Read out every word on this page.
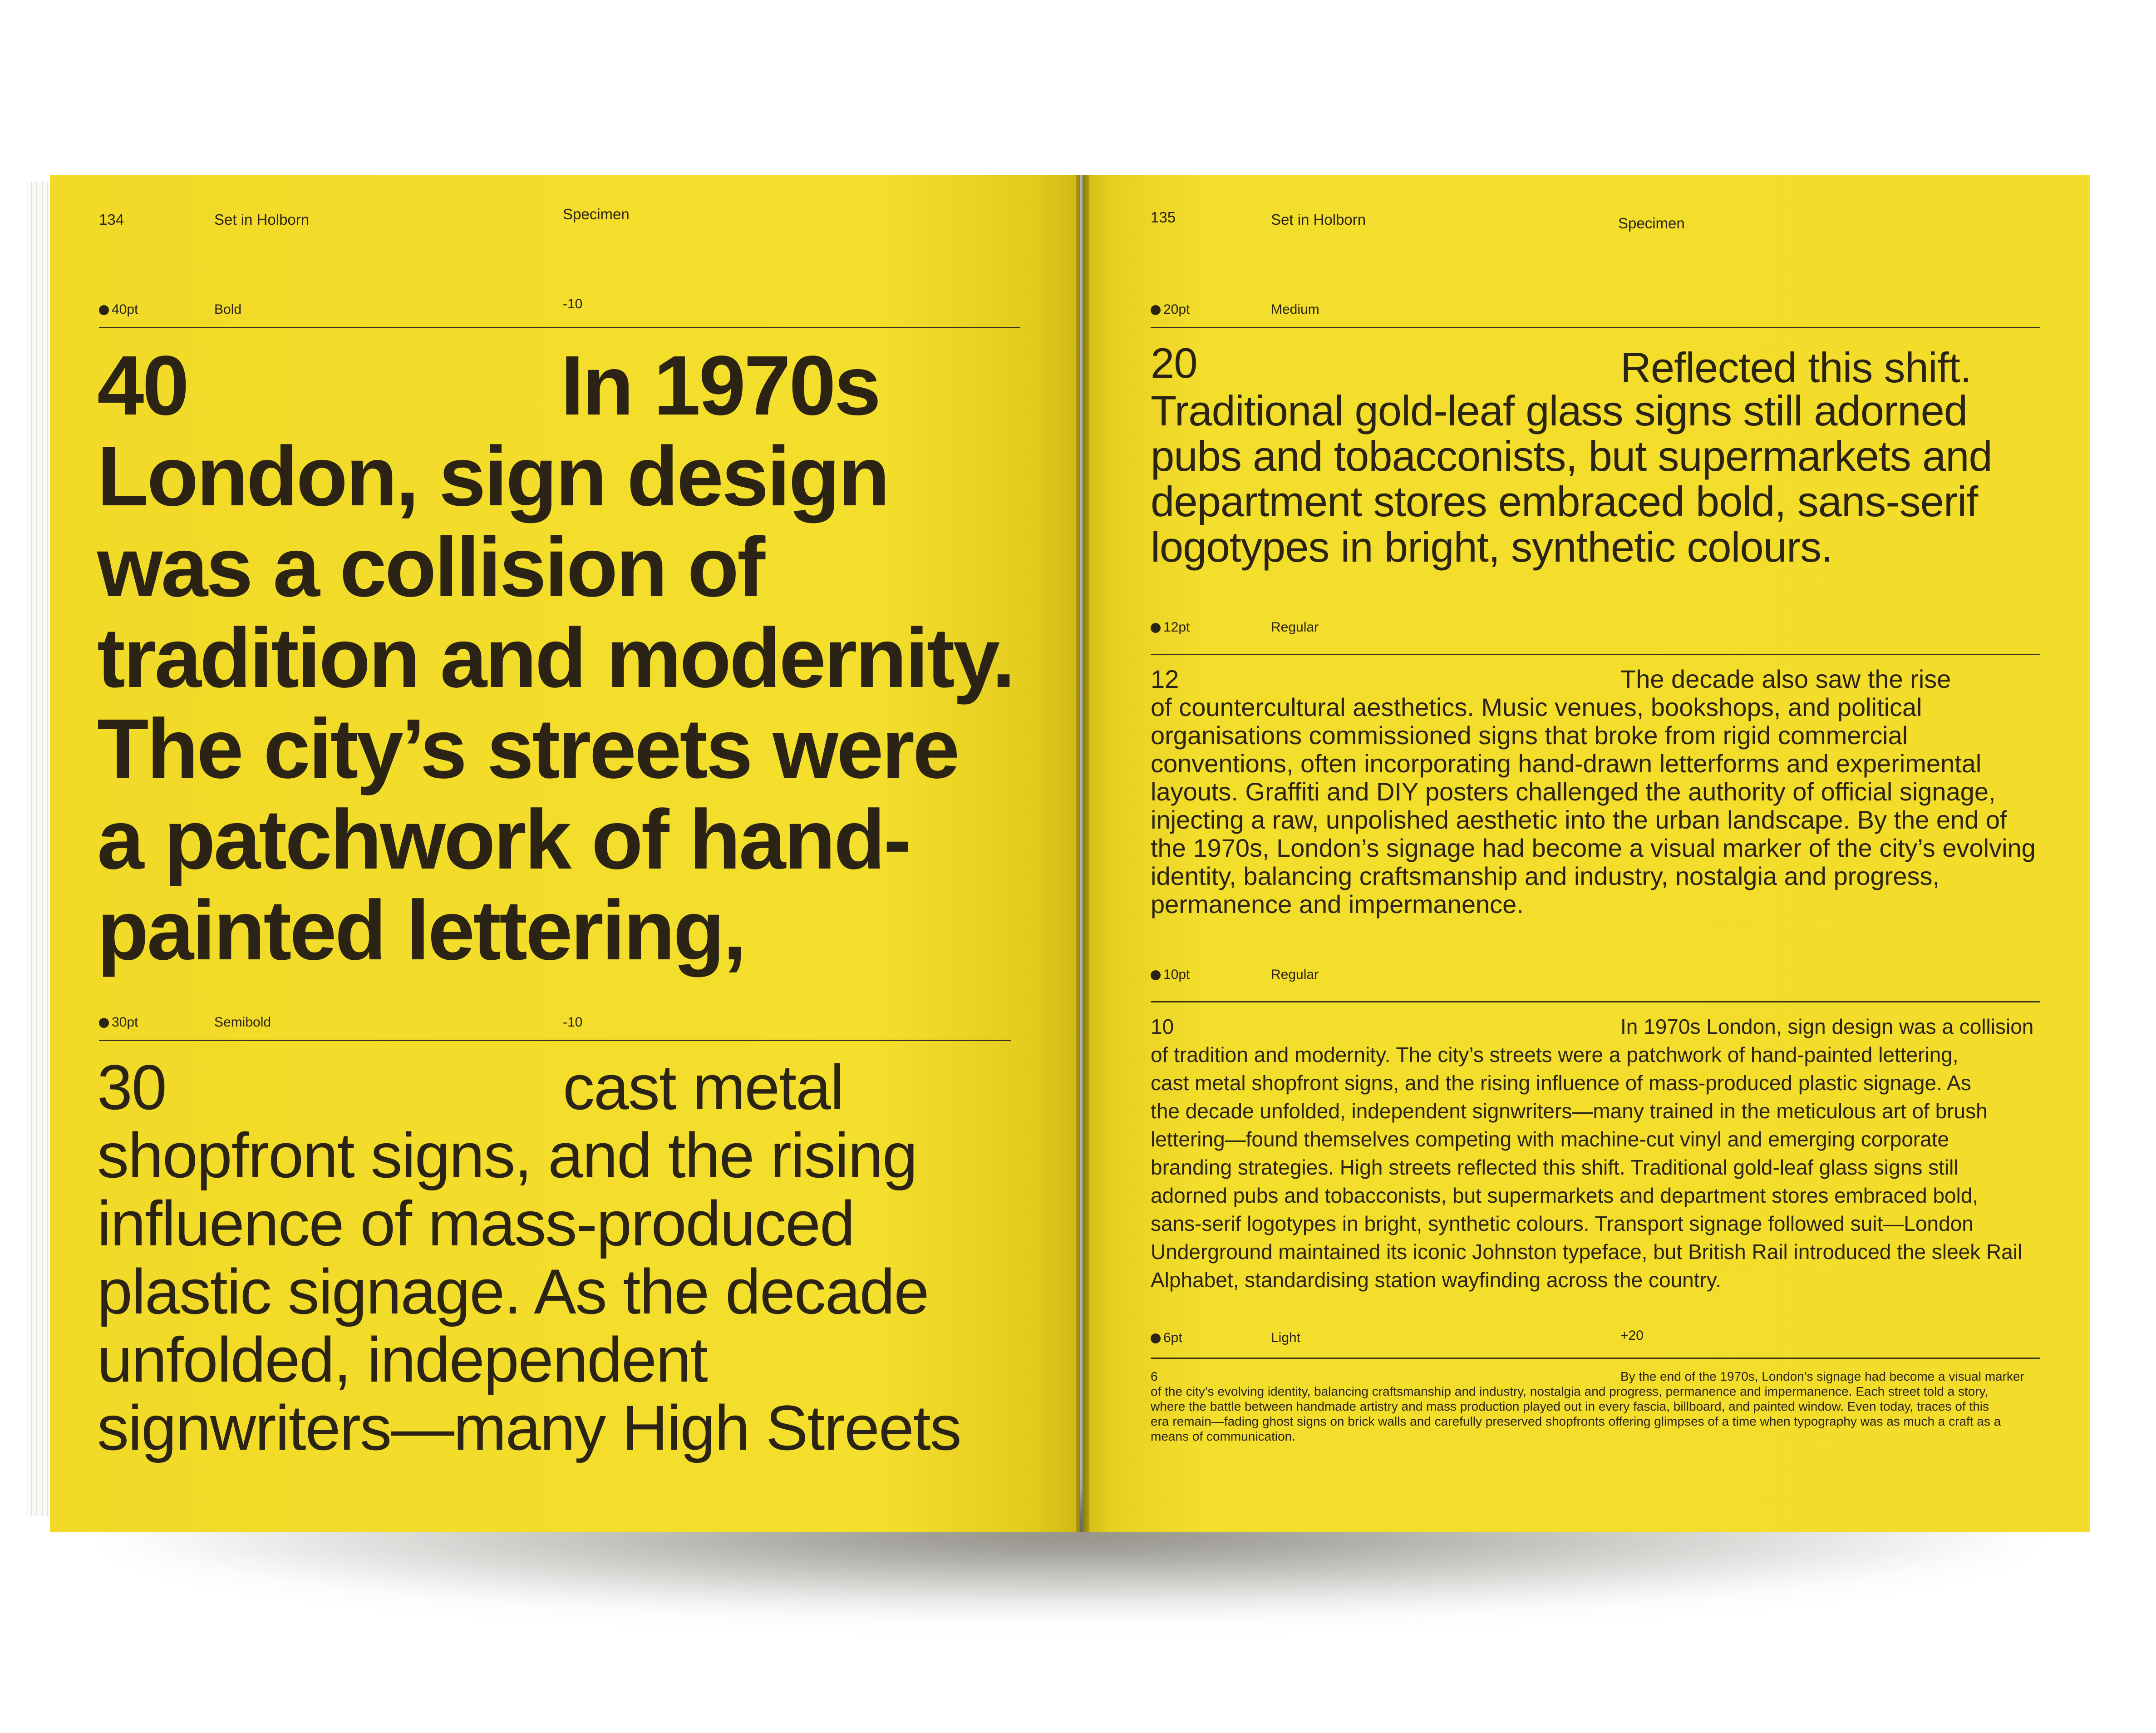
134	Set in Holborn	Specimen
40pt	Bold	-10
40	In 1970s
London, sign design
was a collision of
tradition and modernity.
The city’s streets were
a patchwork of hand-
painted lettering,
30pt	Semibold	-10
30	cast metal
shopfront signs, and the rising
influence of mass-produced
plastic signage. As the decade
unfolded, independent
signwriters—many High Streets
135	Set in Holborn	Specimen
20pt	Medium
20	Reflected this shift.
Traditional gold-leaf glass signs still adorned
pubs and tobacconists, but supermarkets and
department stores embraced bold, sans-serif
logotypes in bright, synthetic colours.
12pt	Regular
12	The decade also saw the rise
of countercultural aesthetics. Music venues, bookshops, and political
organisations commissioned signs that broke from rigid commercial
conventions, often incorporating hand-drawn letterforms and experimental
layouts. Graffiti and DIY posters challenged the authority of official signage,
injecting a raw, unpolished aesthetic into the urban landscape. By the end of
the 1970s, London’s signage had become a visual marker of the city’s evolving
identity, balancing craftsmanship and industry, nostalgia and progress,
permanence and impermanence.
10pt	Regular
10	In 1970s London, sign design was a collision
of tradition and modernity. The city’s streets were a patchwork of hand-painted lettering,
cast metal shopfront signs, and the rising influence of mass-produced plastic signage. As
the decade unfolded, independent signwriters—many trained in the meticulous art of brush
lettering—found themselves competing with machine-cut vinyl and emerging corporate
branding strategies. High streets reflected this shift. Traditional gold-leaf glass signs still
adorned pubs and tobacconists, but supermarkets and department stores embraced bold,
sans-serif logotypes in bright, synthetic colours. Transport signage followed suit—London
Underground maintained its iconic Johnston typeface, but British Rail introduced the sleek Rail
Alphabet, standardising station wayfinding across the country.
6pt	Light	+20
6	By the end of the 1970s, London’s signage had become a visual marker
of the city’s evolving identity, balancing craftsmanship and industry, nostalgia and progress, permanence and impermanence. Each street told a story,
where the battle between handmade artistry and mass production played out in every fascia, billboard, and painted window. Even today, traces of this
era remain—fading ghost signs on brick walls and carefully preserved shopfronts offering glimpses of a time when typography was as much a craft as a
means of communication.
